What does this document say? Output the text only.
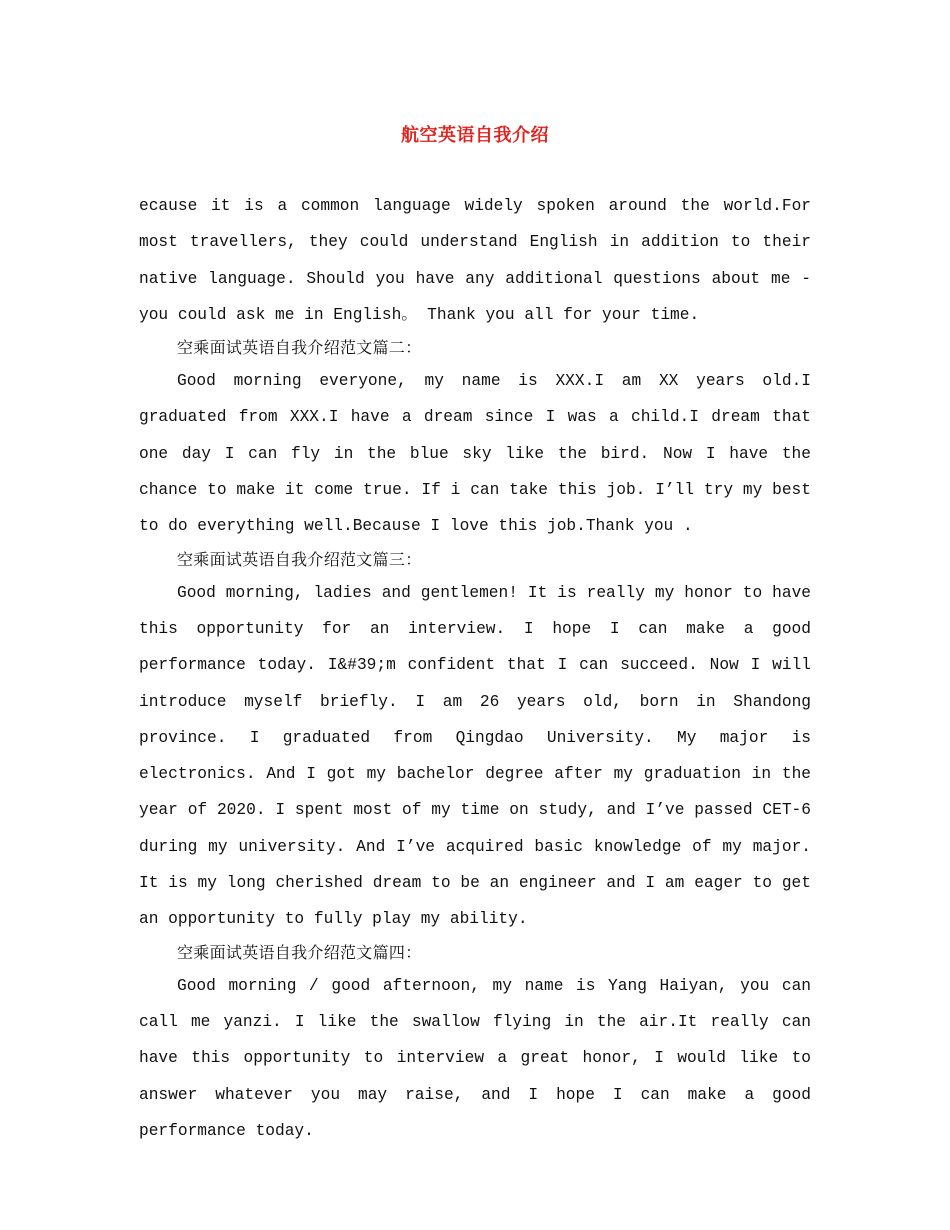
航空英语自我介绍

ecause it is a common language widely spoken around the world.For most travellers, they could understand English in addition to their native language. Should you have any additional questions about me - you could ask me in English。 Thank you all for your time.

空乘面试英语自我介绍范文篇二：

Good morning everyone, my name is XXX.I am XX years old.I graduated from XXX.I have a dream since I was a child.I dream that one day I can fly in the blue sky like the bird. Now I have the chance to make it come true. If i can take this job. I’ll try my best to do everything well.Because I love this job.Thank you .

空乘面试英语自我介绍范文篇三：

Good morning, ladies and gentlemen! It is really my honor to have this opportunity for an interview. I hope I can make a good performance today. I&#39;m confident that I can succeed. Now I will introduce myself briefly. I am 26 years old, born in Shandong province. I graduated from Qingdao University. My major is electronics. And I got my bachelor degree after my graduation in the year of 2020. I spent most of my time on study, and I’ve passed CET-6 during my university. And I’ve acquired basic knowledge of my major. It is my long cherished dream to be an engineer and I am eager to get an opportunity to fully play my ability.

空乘面试英语自我介绍范文篇四：

Good morning / good afternoon, my name is Yang Haiyan, you can call me yanzi. I like the swallow flying in the air.It really can have this opportunity to interview a great honor, I would like to answer whatever you may raise, and I hope I can make a good performance today.
